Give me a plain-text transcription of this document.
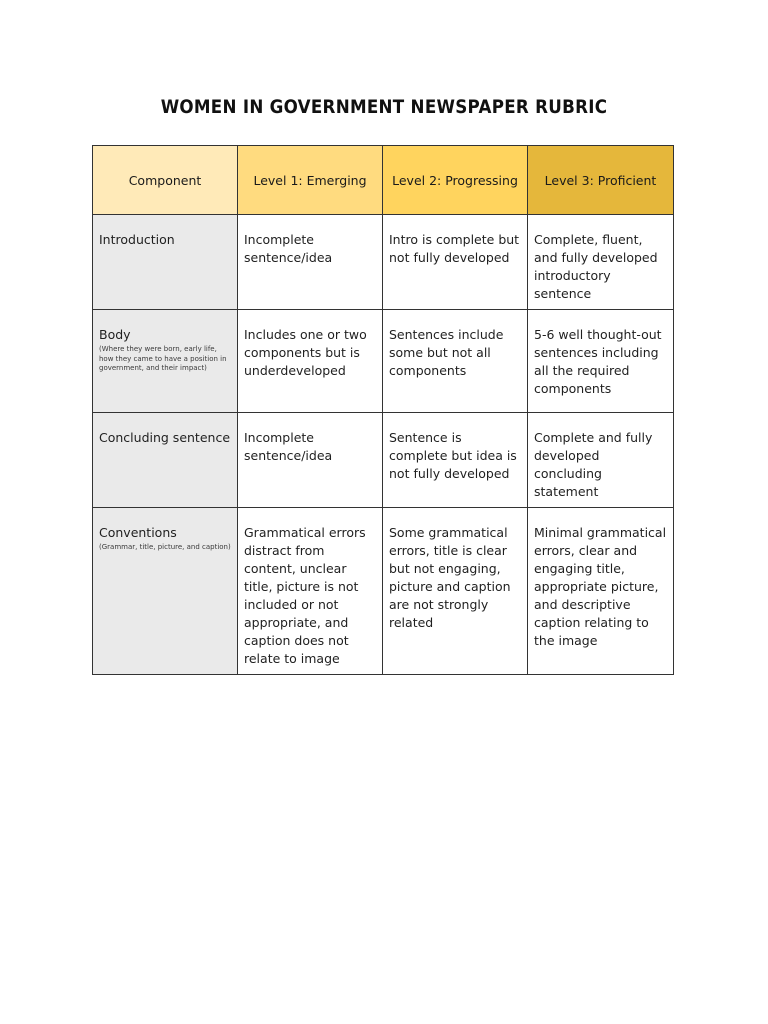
WOMEN IN GOVERNMENT NEWSPAPER RUBRIC
Component	Level 1: Emerging	Level 2: Progressing	Level 3: Proficient

Introduction	Incomplete sentence/idea	Intro is complete but not fully developed	Complete, fluent, and fully developed introductory sentence

Body
(Where they were born, early life, how they came to have a position in government, and their impact)	Includes one or two components but is underdeveloped	Sentences include some but not all components	5-6 well thought-out sentences including all the required components

Concluding sentence	Incomplete sentence/idea	Sentence is complete but idea is not fully developed	Complete and fully developed concluding statement

Conventions
(Grammar, title, picture, and caption)	Grammatical errors distract from content, unclear title, picture is not included or not appropriate, and caption does not relate to image	Some grammatical errors, title is clear but not engaging, picture and caption are not strongly related	Minimal grammatical errors, clear and engaging title, appropriate picture, and descriptive caption relating to the image
